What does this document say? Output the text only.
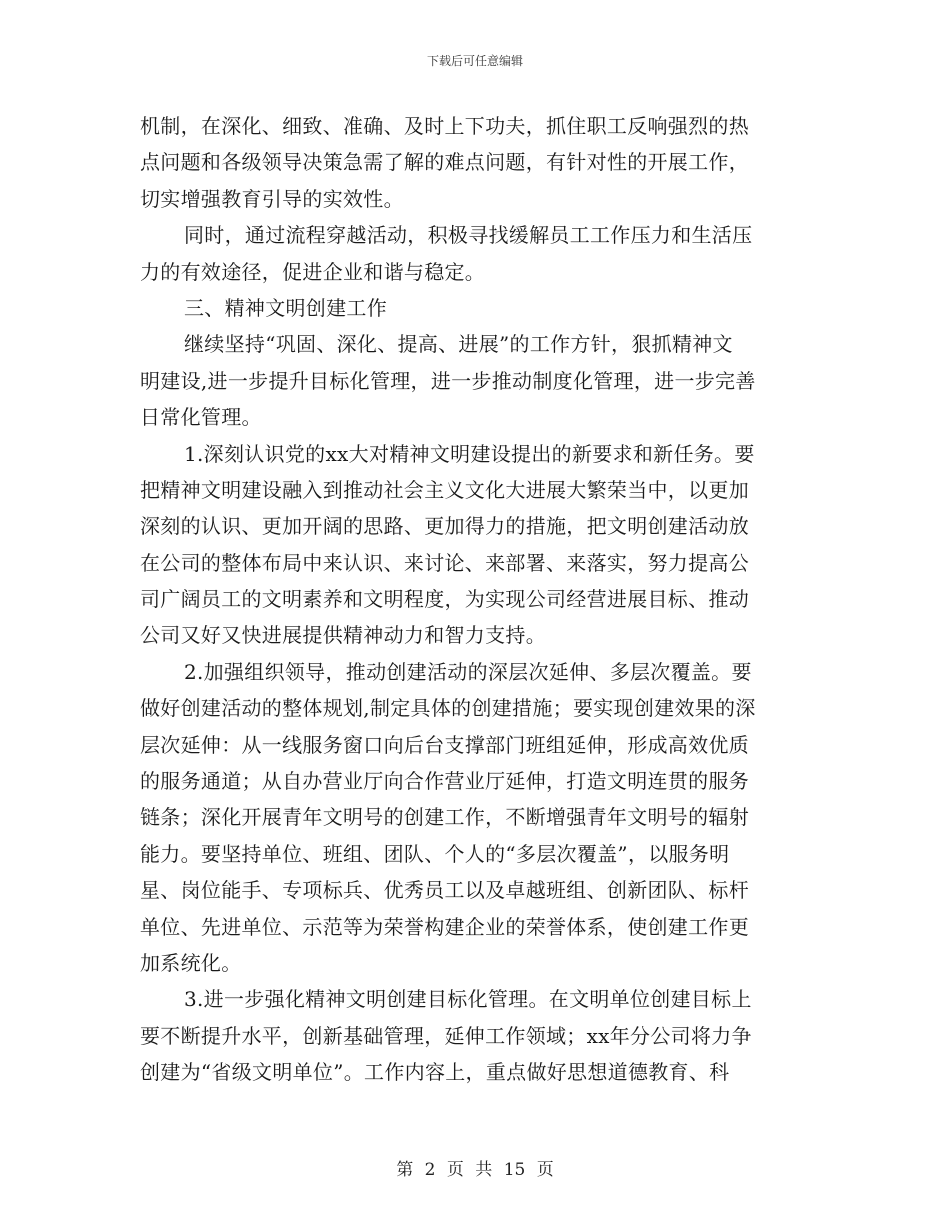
下载后可任意编辑
机制，在深化、细致、准确、及时上下功夫，抓住职工反响强烈的热
点问题和各级领导决策急需了解的难点问题，有针对性的开展工作，
切实增强教育引导的实效性。
同时，通过流程穿越活动，积极寻找缓解员工工作压力和生活压
力的有效途径，促进企业和谐与稳定。
三、精神文明创建工作
继续坚持“巩固、深化、提高、进展”的工作方针，狠抓精神文
明建设,进一步提升目标化管理，进一步推动制度化管理，进一步完善
日常化管理。
1.深刻认识党的xx大对精神文明建设提出的新要求和新任务。要
把精神文明建设融入到推动社会主义文化大进展大繁荣当中，以更加
深刻的认识、更加开阔的思路、更加得力的措施，把文明创建活动放
在公司的整体布局中来认识、来讨论、来部署、来落实，努力提高公
司广阔员工的文明素养和文明程度，为实现公司经营进展目标、推动
公司又好又快进展提供精神动力和智力支持。
2.加强组织领导，推动创建活动的深层次延伸、多层次覆盖。要
做好创建活动的整体规划,制定具体的创建措施；要实现创建效果的深
层次延伸：从一线服务窗口向后台支撑部门班组延伸，形成高效优质
的服务通道；从自办营业厅向合作营业厅延伸，打造文明连贯的服务
链条；深化开展青年文明号的创建工作，不断增强青年文明号的辐射
能力。要坚持单位、班组、团队、个人的“多层次覆盖”，以服务明
星、岗位能手、专项标兵、优秀员工以及卓越班组、创新团队、标杆
单位、先进单位、示范等为荣誉构建企业的荣誉体系，使创建工作更
加系统化。
3.进一步强化精神文明创建目标化管理。在文明单位创建目标上
要不断提升水平，创新基础管理，延伸工作领域；xx年分公司将力争
创建为“省级文明单位”。工作内容上，重点做好思想道德教育、科
第 2 页 共 15 页
